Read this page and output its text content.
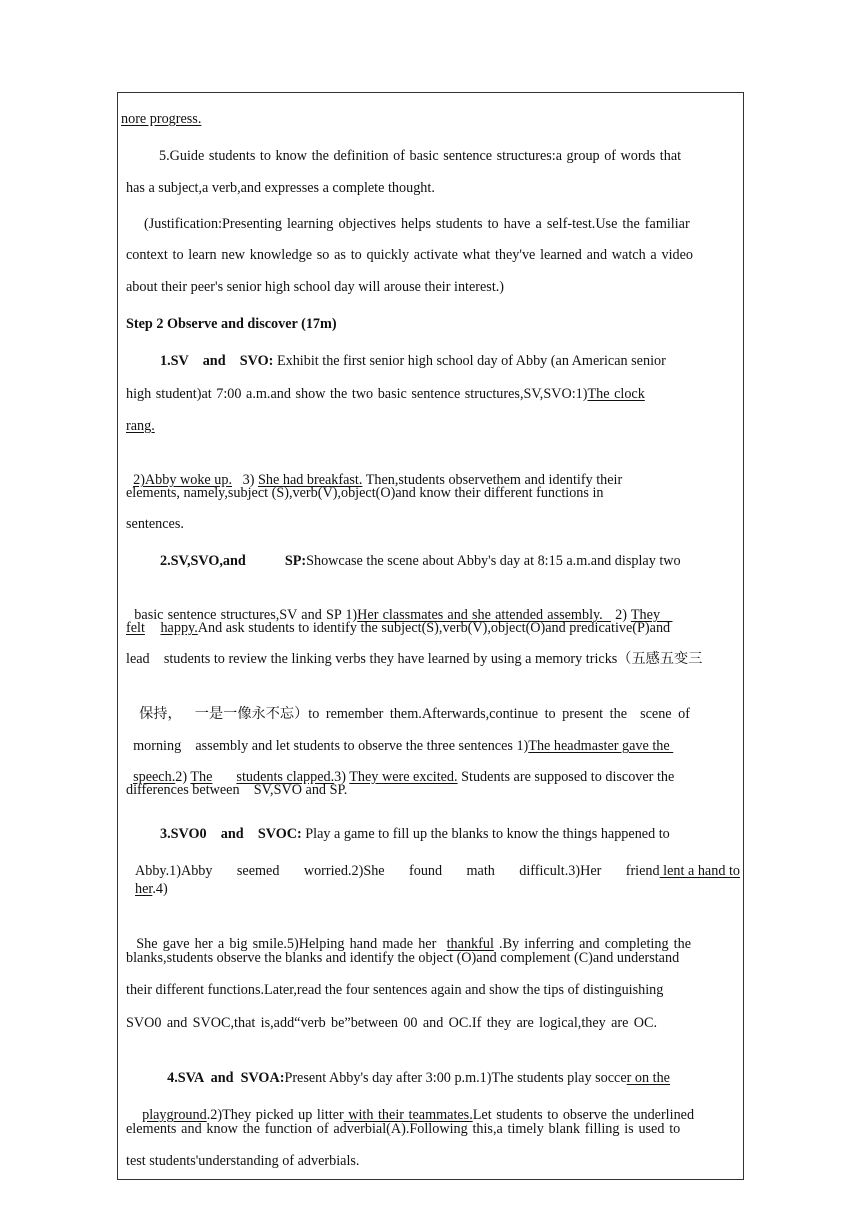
nore progress.
5.Guide students to know the definition of basic sentence structures:a group of words that
has a subject,a verb,and expresses a complete thought.
(Justification:Presenting learning objectives helps students to have a self-test.Use the familiar
context to learn new knowledge so as to quickly activate what they've learned and watch a video
about their peer's senior high school day will arouse their interest.)
Step 2 Observe and discover (17m)
1.SV    and    SVO: Exhibit the first senior high school day of Abby (an American senior
high student)at 7:00 a.m.and show the two basic sentence structures,SV,SVO:1)The clock
rang.

2)Abby woke up.   3) She had breakfast. Then,students observethem and identify their

elements, namely,subject (S),verb(V),object(O)and know their different functions in
sentences.
2.SV,SVO,and           SP:Showcase the scene about Abby's day at 8:15 a.m.and display two

basic sentence structures,SV and SP 1)Her classmates and she attended assembly.   2) They

felt happy.And ask students to identify the subject(S),verb(V),object(O)and predicative(P)and
lead    students to review the linking verbs they have learned by using a memory tricks（五感五变三

保持，  一是一像永不忘）to remember them.Afterwards,continue to present the  scene of

morning    assembly and let students to observe the three sentences 1)The headmaster gave the

speech.2) The students clapped.3) They were excited. Students are supposed to discover the

differences between    SV,SVO and SP.
3.SVO0    and    SVOC: Play a game to fill up the blanks to know the things happened to
Abby.1)Abby seemed worried.2)She found math difficult.3)Her friend lent a hand to
her.4)

She gave her a big smile.5)Helping hand made her  thankful .By inferring and completing the

blanks,students observe the blanks and identify the object (O)and complement (C)and understand
their different functions.Later,read the four sentences again and show the tips of distinguishing
SVO0 and SVOC,that is,add“verb be”between 00 and OC.If they are logical,they are OC.

4.SVA  and  SVOA:Present Abby's day after 3:00 p.m.1)The students play soccer on the

playground.2)They picked up litter with their teammates.Let students to observe the underlined

elements and know the function of adverbial(A).Following this,a timely blank filling is used to
test students'understanding of adverbials.
